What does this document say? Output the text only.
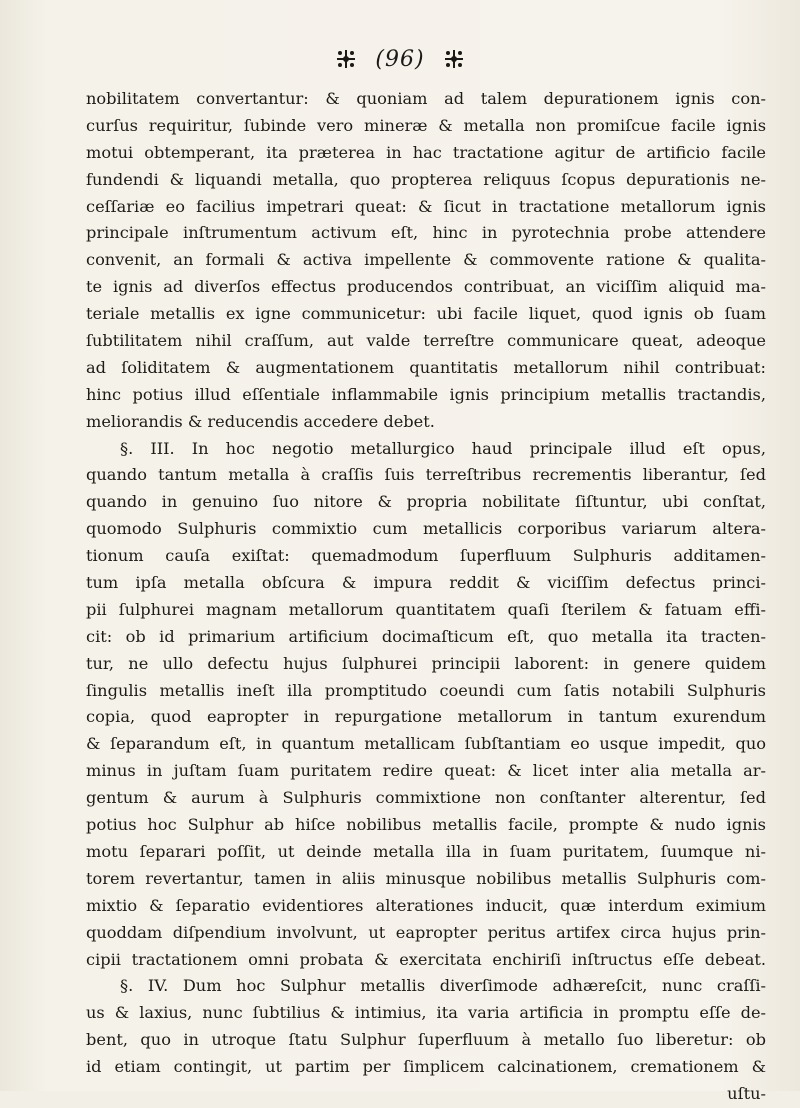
(96)
nobilitatem convertantur: & quoniam ad talem depurationem ignis con-
curſus requiritur, ſubinde vero mineræ & metalla non promiſcue facile ignis
motui obtemperant, ita præterea in hac tractatione agitur de artificio facile
fundendi & liquandi metalla, quo propterea reliquus ſcopus depurationis ne-
ceſſariæ eo facilius impetrari queat: & ſicut in tractatione metallorum ignis
principale inſtrumentum activum eſt, hinc in pyrotechnia probe attendere
convenit, an formali & activa impellente & commovente ratione & qualita-
te ignis ad diverſos effectus producendos contribuat, an viciſſim aliquid ma-
teriale metallis ex igne communicetur: ubi facile liquet, quod ignis ob ſuam
ſubtilitatem nihil craſſum, aut valde terreſtre communicare queat, adeoque
ad ſoliditatem & augmentationem quantitatis metallorum nihil contribuat:
hinc potius illud eſſentiale inflammabile ignis principium metallis tractandis,
meliorandis & reducendis accedere debet.
§. III. In hoc negotio metallurgico haud principale illud eſt opus,
quando tantum metalla à craſſis ſuis terreſtribus recrementis liberantur, ſed
quando in genuino ſuo nitore & propria nobilitate ſiſtuntur, ubi conſtat,
quomodo Sulphuris commixtio cum metallicis corporibus variarum altera-
tionum cauſa exiſtat: quemadmodum ſuperfluum Sulphuris additamen-
tum ipſa metalla obſcura & impura reddit & viciſſim defectus princi-
pii ſulphurei magnam metallorum quantitatem quaſi ſterilem & fatuam effi-
cit: ob id primarium artificium docimaſticum eſt, quo metalla ita tracten-
tur, ne ullo defectu hujus ſulphurei principii laborent: in genere quidem
ſingulis metallis ineſt illa promptitudo coeundi cum ſatis notabili Sulphuris
copia, quod eapropter in repurgatione metallorum in tantum exurendum
& ſeparandum eſt, in quantum metallicam ſubſtantiam eo usque impedit, quo
minus in juſtam ſuam puritatem redire queat: & licet inter alia metalla ar-
gentum & aurum à Sulphuris commixtione non conſtanter alterentur, ſed
potius hoc Sulphur ab hiſce nobilibus metallis facile, prompte & nudo ignis
motu ſeparari poſſit, ut deinde metalla illa in ſuam puritatem, ſuumque ni-
torem revertantur, tamen in aliis minusque nobilibus metallis Sulphuris com-
mixtio & ſeparatio evidentiores alterationes inducit, quæ interdum eximium
quoddam diſpendium involvunt, ut eapropter peritus artifex circa hujus prin-
cipii tractationem omni probata & exercitata enchiriſi inſtructus eſſe debeat.
§. IV. Dum hoc Sulphur metallis diverſimode adhæreſcit, nunc craſſi-
us & laxius, nunc ſubtilius & intimius, ita varia artificia in promptu eſſe de-
bent, quo in utroque ſtatu Sulphur ſuperfluum à metallo ſuo liberetur: ob
id etiam contingit, ut partim per ſimplicem calcinationem, cremationem &
uſtu-
